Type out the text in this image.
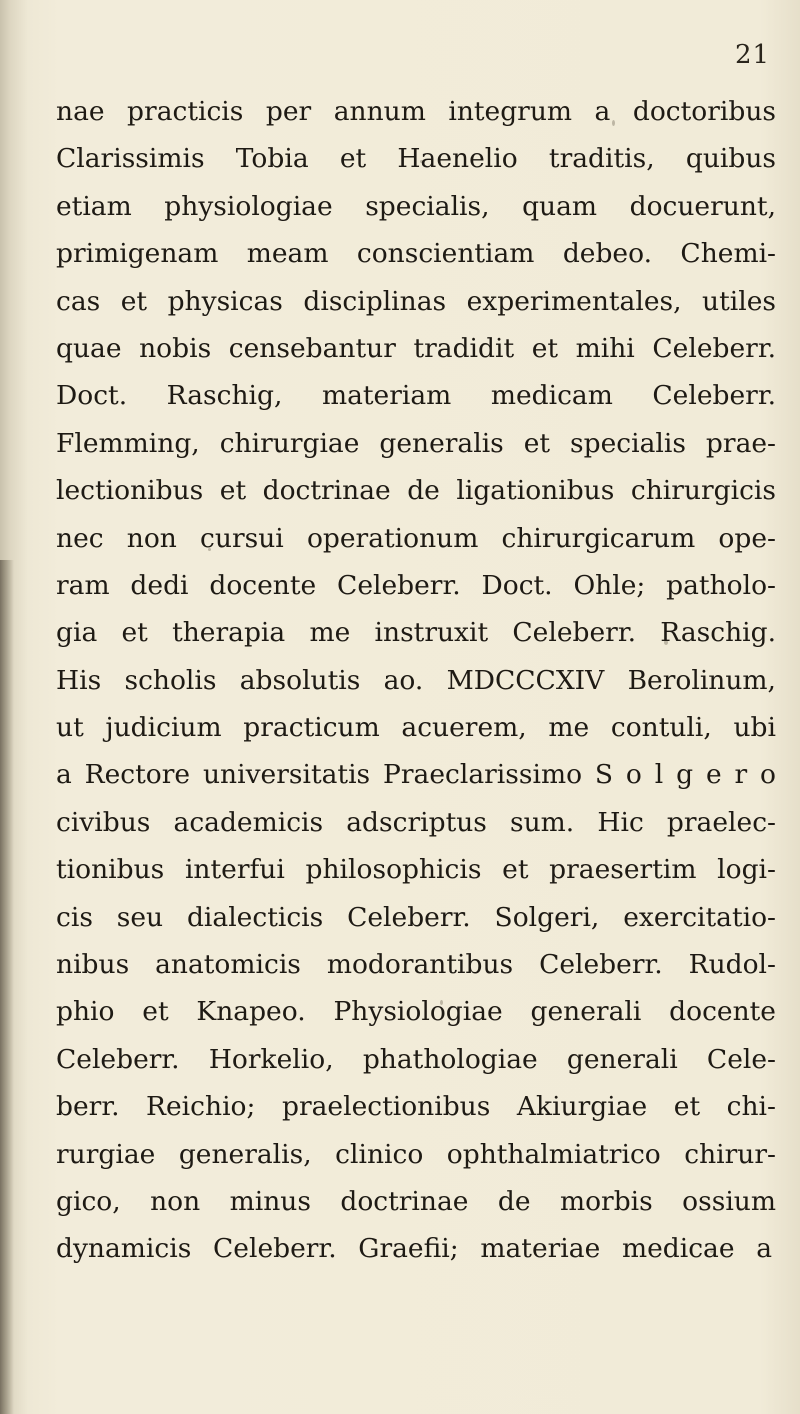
21
nae practicis per annum integrum a doctoribus
Clarissimis Tobia et Haenelio traditis, quibus
etiam physiologiae specialis, quam docuerunt,
primigenam meam conscientiam debeo. Chemi-
cas et physicas disciplinas experimentales, utiles
quae nobis censebantur tradidit et mihi Celeberr.
Doct. Raschig, materiam medicam Celeberr.
Flemming, chirurgiae generalis et specialis prae-
lectionibus et doctrinae de ligationibus chirurgicis
nec non cursui operationum chirurgicarum ope-
ram dedi docente Celeberr. Doct. Ohle; patholo-
gia et therapia me instruxit Celeberr. Raschig.
His scholis absolutis ao. MDCCCXIV Berolinum,
ut judicium practicum acuerem, me contuli, ubi
a Rectore universitatis Praeclarissimo S o l g e r o
civibus academicis adscriptus sum. Hic praelec-
tionibus interfui philosophicis et praesertim logi-
cis seu dialecticis Celeberr. Solgeri, exercitatio-
nibus anatomicis modorantibus Celeberr. Rudol-
phio et Knapeo. Physiologiae generali docente
Celeberr. Horkelio, phathologiae generali Cele-
berr. Reichio; praelectionibus Akiurgiae et chi-
rurgiae generalis, clinico ophthalmiatrico chirur-
gico, non minus doctrinae de morbis ossium
dynamicis Celeberr. Graefii; materiae medicae a
